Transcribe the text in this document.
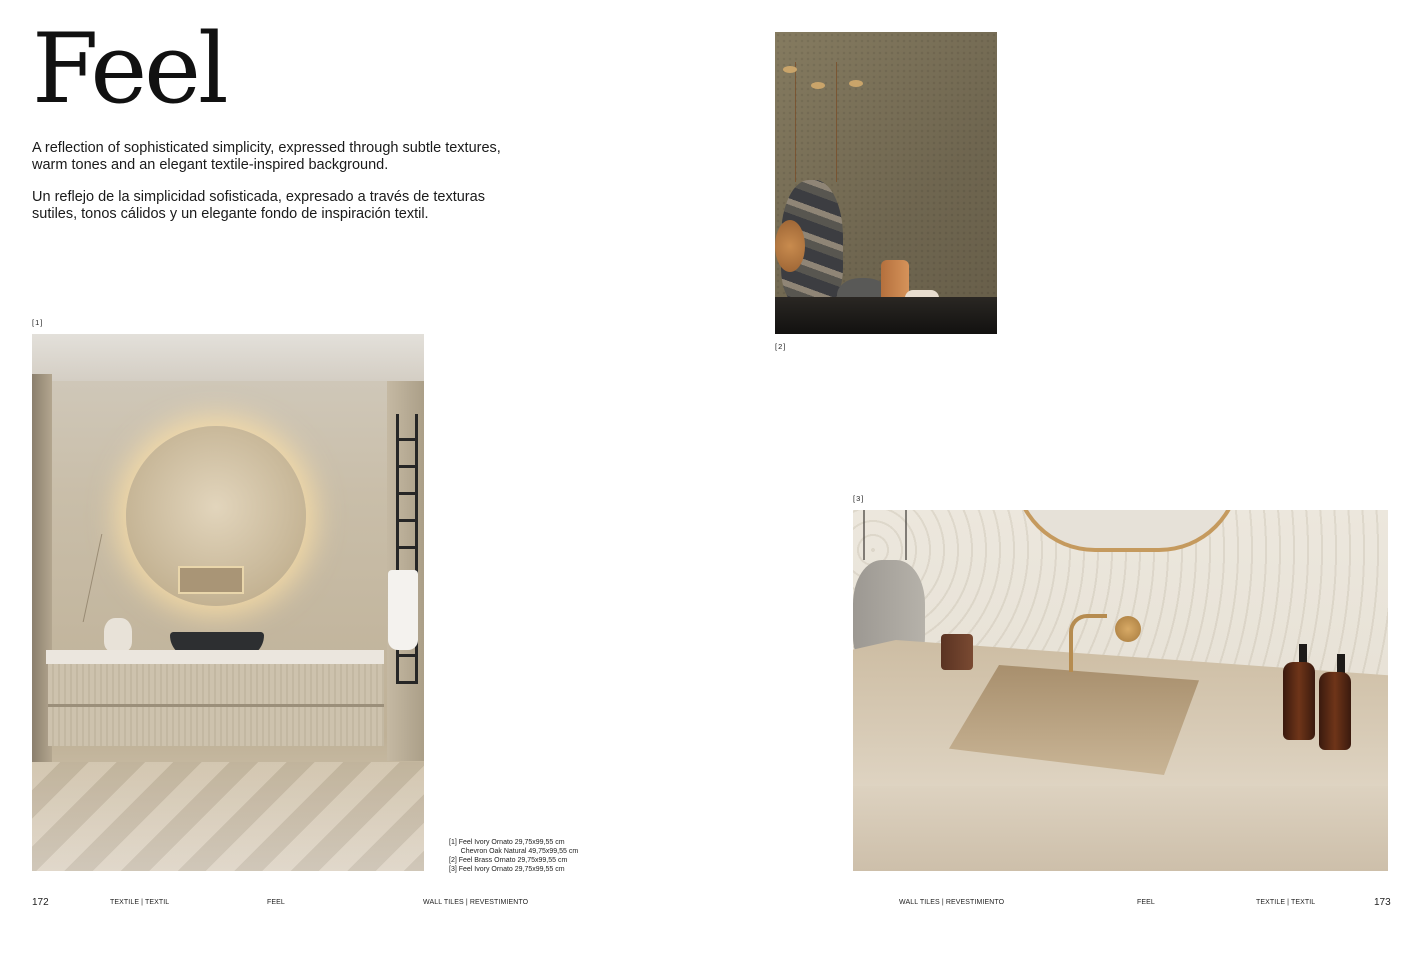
Feel

A reflection of sophisticated simplicity, expressed through subtle textures, warm tones and an elegant textile-inspired background.

Un reflejo de la simplicidad sofisticada, expresado a través de texturas sutiles, tonos cálidos y un elegante fondo de inspiración textil.

[1]
[1] Feel Ivory Ornato 29,75x99,55 cm
Chevron Oak Natural 49,75x99,55 cm
[2] Feel Brass Ornato 29,75x99,55 cm
[3] Feel Ivory Ornato 29,75x99,55 cm
172	TEXTILE | TEXTIL	FEEL	WALL TILES | REVESTIMIENTO
[2]
[3]
WALL TILES | REVESTIMIENTO	FEEL	TEXTILE | TEXTIL	173
